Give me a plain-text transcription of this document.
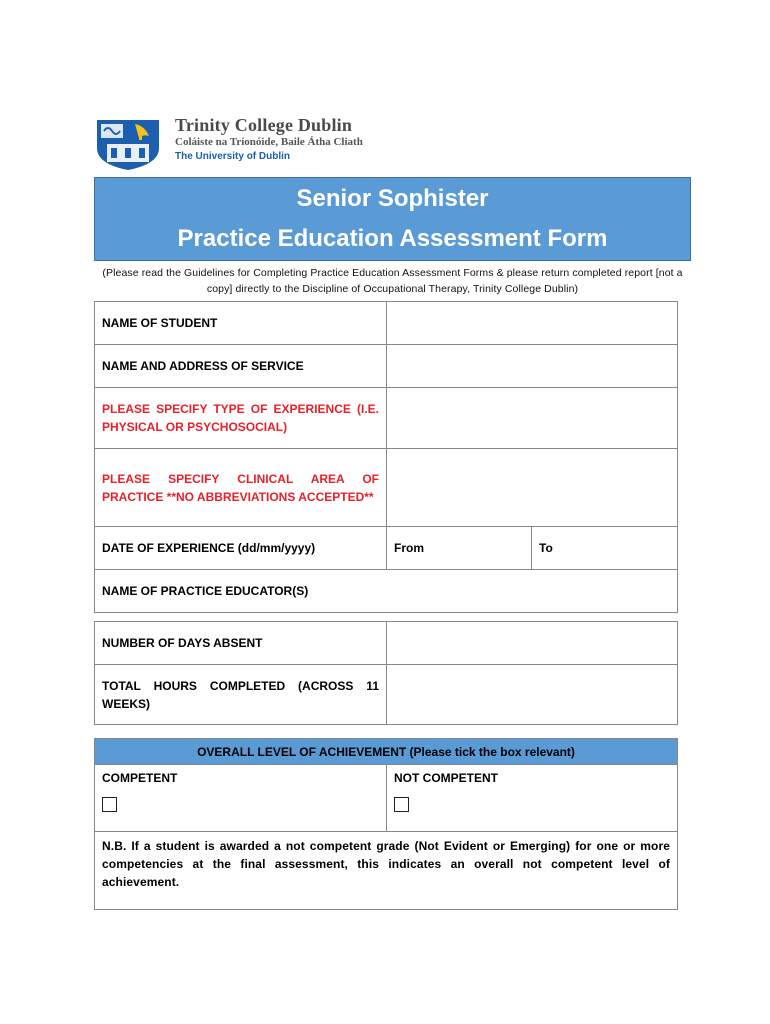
Trinity College Dublin
Coláiste na Tríonóide, Baile Átha Cliath
The University of Dublin
Senior Sophister
Practice Education Assessment Form
(Please read the Guidelines for Completing Practice Education Assessment Forms & please return completed report [not a copy] directly to the Discipline of Occupational Therapy, Trinity College Dublin)
NAME OF STUDENT		
NAME AND ADDRESS OF SERVICE		
PLEASE SPECIFY TYPE OF EXPERIENCE (I.E. PHYSICAL OR PSYCHOSOCIAL)		
PLEASE SPECIFY CLINICAL AREA OF PRACTICE **NO ABBREVIATIONS ACCEPTED**		
DATE OF EXPERIENCE (dd/mm/yyyy)	From	To
NAME OF PRACTICE EDUCATOR(S)		
NUMBER OF DAYS ABSENT	
TOTAL HOURS COMPLETED (ACROSS 11 WEEKS)	
OVERALL LEVEL OF ACHIEVEMENT (Please tick the box relevant)

COMPETENT	NOT COMPETENT

N.B. If a student is awarded a not competent grade (Not Evident or Emerging) for one or more competencies at the final assessment, this indicates an overall not competent level of achievement.
